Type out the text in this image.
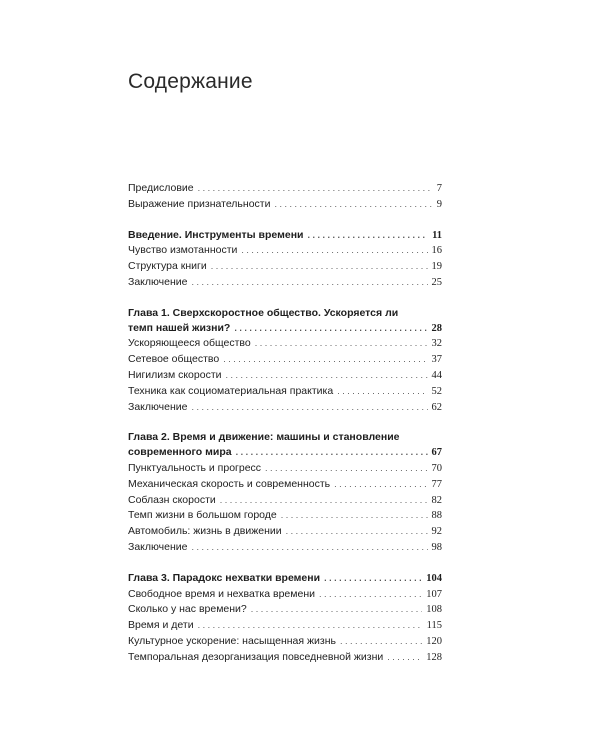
Содержание
Предисловие . .	7
Выражение признательности . .	9
Введение. Инструменты времени . .	11
Чувство измотанности . .	16
Структура книги . .	19
Заключение . .	25
Глава 1. Сверхскоростное общество. Ускоряется ли
темп нашей жизни? . .	28
Ускоряющееся общество . .	32
Сетевое общество . .	37
Нигилизм скорости . .	44
Техника как социоматериальная практика . .	52
Заключение . .	62
Глава 2. Время и движение: машины и становление
современного мира . .	67
Пунктуальность и прогресс . .	70
Механическая скорость и современность . .	77
Соблазн скорости . .	82
Темп жизни в большом городе . .	88
Автомобиль: жизнь в движении . .	92
Заключение . .	98
Глава 3. Парадокс нехватки времени . .	104
Свободное время и нехватка времени . .	107
Сколько у нас времени? . .	108
Время и дети . .	115
Культурное ускорение: насыщенная жизнь . .	120
Темпоральная дезорганизация повседневной жизни . .	128
